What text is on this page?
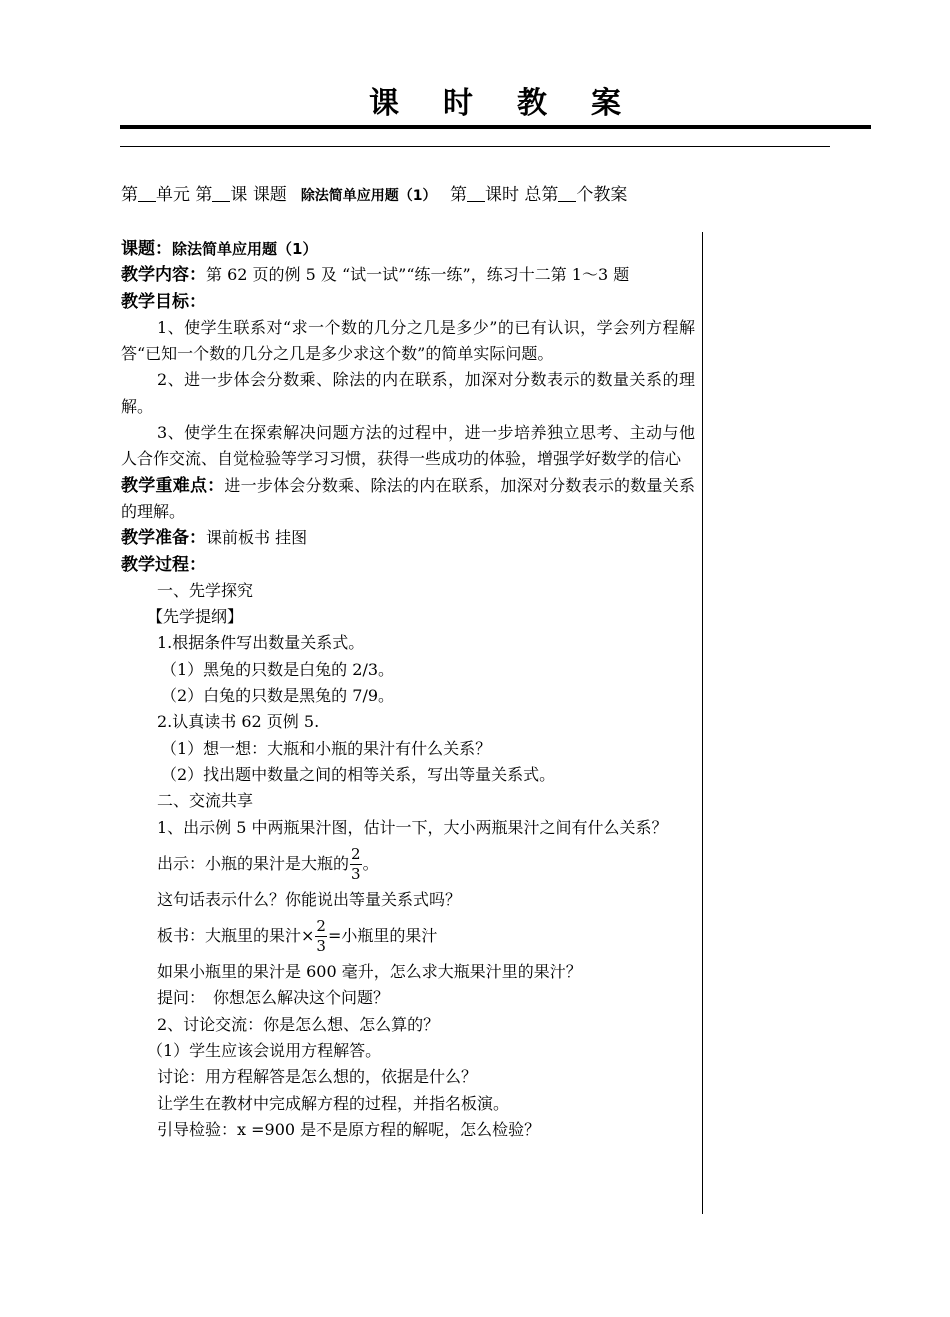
课 时 教 案
第 单元 第 课 课题 除法简单应用题（1） 第 课时 总第 个教案

课题：除法简单应用题（1）

教学内容：第 62 页的例 5 及 “试一试”“练一练”，练习十二第 1～3 题

教学目标：

1、使学生联系对“求一个数的几分之几是多少”的已有认识，学会列方程解答“已知一个数的几分之几是多少求这个数”的简单实际问题。

2、进一步体会分数乘、除法的内在联系，加深对分数表示的数量关系的理解。

3、使学生在探索解决问题方法的过程中，进一步培养独立思考、主动与他人合作交流、自觉检验等学习习惯，获得一些成功的体验，增强学好数学的信心

教学重难点：进一步体会分数乘、除法的内在联系，加深对分数表示的数量关系的理解。

教学准备：课前板书 挂图

教学过程：

一、先学探究

【先学提纲】

1.根据条件写出数量关系式。

（1）黑兔的只数是白兔的 2/3。

（2）白兔的只数是黑兔的 7/9。

2.认真读书 62 页例 5.

（1）想一想：大瓶和小瓶的果汁有什么关系？

（2）找出题中数量之间的相等关系，写出等量关系式。

二、交流共享

1、出示例 5 中两瓶果汁图，估计一下，大小两瓶果汁之间有什么关系？

出示：小瓶的果汁是大瓶的 $\frac{2}{3}$ 。

这句话表示什么？你能说出等量关系式吗？

板书：大瓶里的果汁× $\frac{2}{3}$ =小瓶里的果汁

如果小瓶里的果汁是 600 毫升，怎么求大瓶果汁里的果汁？

提问：　你想怎么解决这个问题？

2、讨论交流：你是怎么想、怎么算的？

（1）学生应该会说用方程解答。

讨论：用方程解答是怎么想的，依据是什么？

让学生在教材中完成解方程的过程，并指名板演。

引导检验：x =900 是不是原方程的解呢，怎么检验？
